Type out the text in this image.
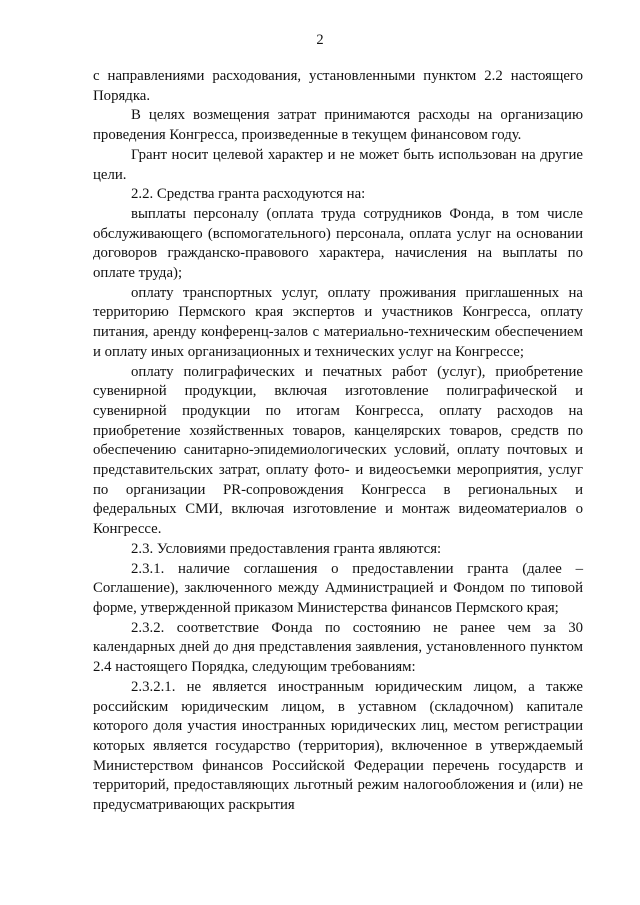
2

с направлениями расходования, установленными пунктом 2.2 настоящего Порядка.

В целях возмещения затрат принимаются расходы на организацию проведения Конгресса, произведенные в текущем финансовом году.

Грант носит целевой характер и не может быть использован на другие цели.

2.2. Средства гранта расходуются на:

выплаты персоналу (оплата труда сотрудников Фонда, в том числе обслуживающего (вспомогательного) персонала, оплата услуг на основании договоров гражданско-правового характера, начисления на выплаты по оплате труда);

оплату транспортных услуг, оплату проживания приглашенных на территорию Пермского края экспертов и участников Конгресса, оплату питания, аренду конференц-залов с материально-техническим обеспечением и оплату иных организационных и технических услуг на Конгрессе;

оплату полиграфических и печатных работ (услуг), приобретение сувенирной продукции, включая изготовление полиграфической и сувенирной продукции по итогам Конгресса, оплату расходов на приобретение хозяйственных товаров, канцелярских товаров, средств по обеспечению санитарно-эпидемиологических условий, оплату почтовых и представительских затрат, оплату фото- и видеосъемки мероприятия, услуг по организации PR-сопровождения Конгресса в региональных и федеральных СМИ, включая изготовление и монтаж видеоматериалов о Конгрессе.

2.3. Условиями предоставления гранта являются:

2.3.1. наличие соглашения о предоставлении гранта (далее – Соглашение), заключенного между Администрацией и Фондом по типовой форме, утвержденной приказом Министерства финансов Пермского края;

2.3.2. соответствие Фонда по состоянию не ранее чем за 30 календарных дней до дня представления заявления, установленного пунктом 2.4 настоящего Порядка, следующим требованиям:

2.3.2.1. не является иностранным юридическим лицом, а также российским юридическим лицом, в уставном (складочном) капитале которого доля участия иностранных юридических лиц, местом регистрации которых является государство (территория), включенное в утверждаемый Министерством финансов Российской Федерации перечень государств и территорий, предоставляющих льготный режим налогообложения и (или) не предусматривающих раскрытия
